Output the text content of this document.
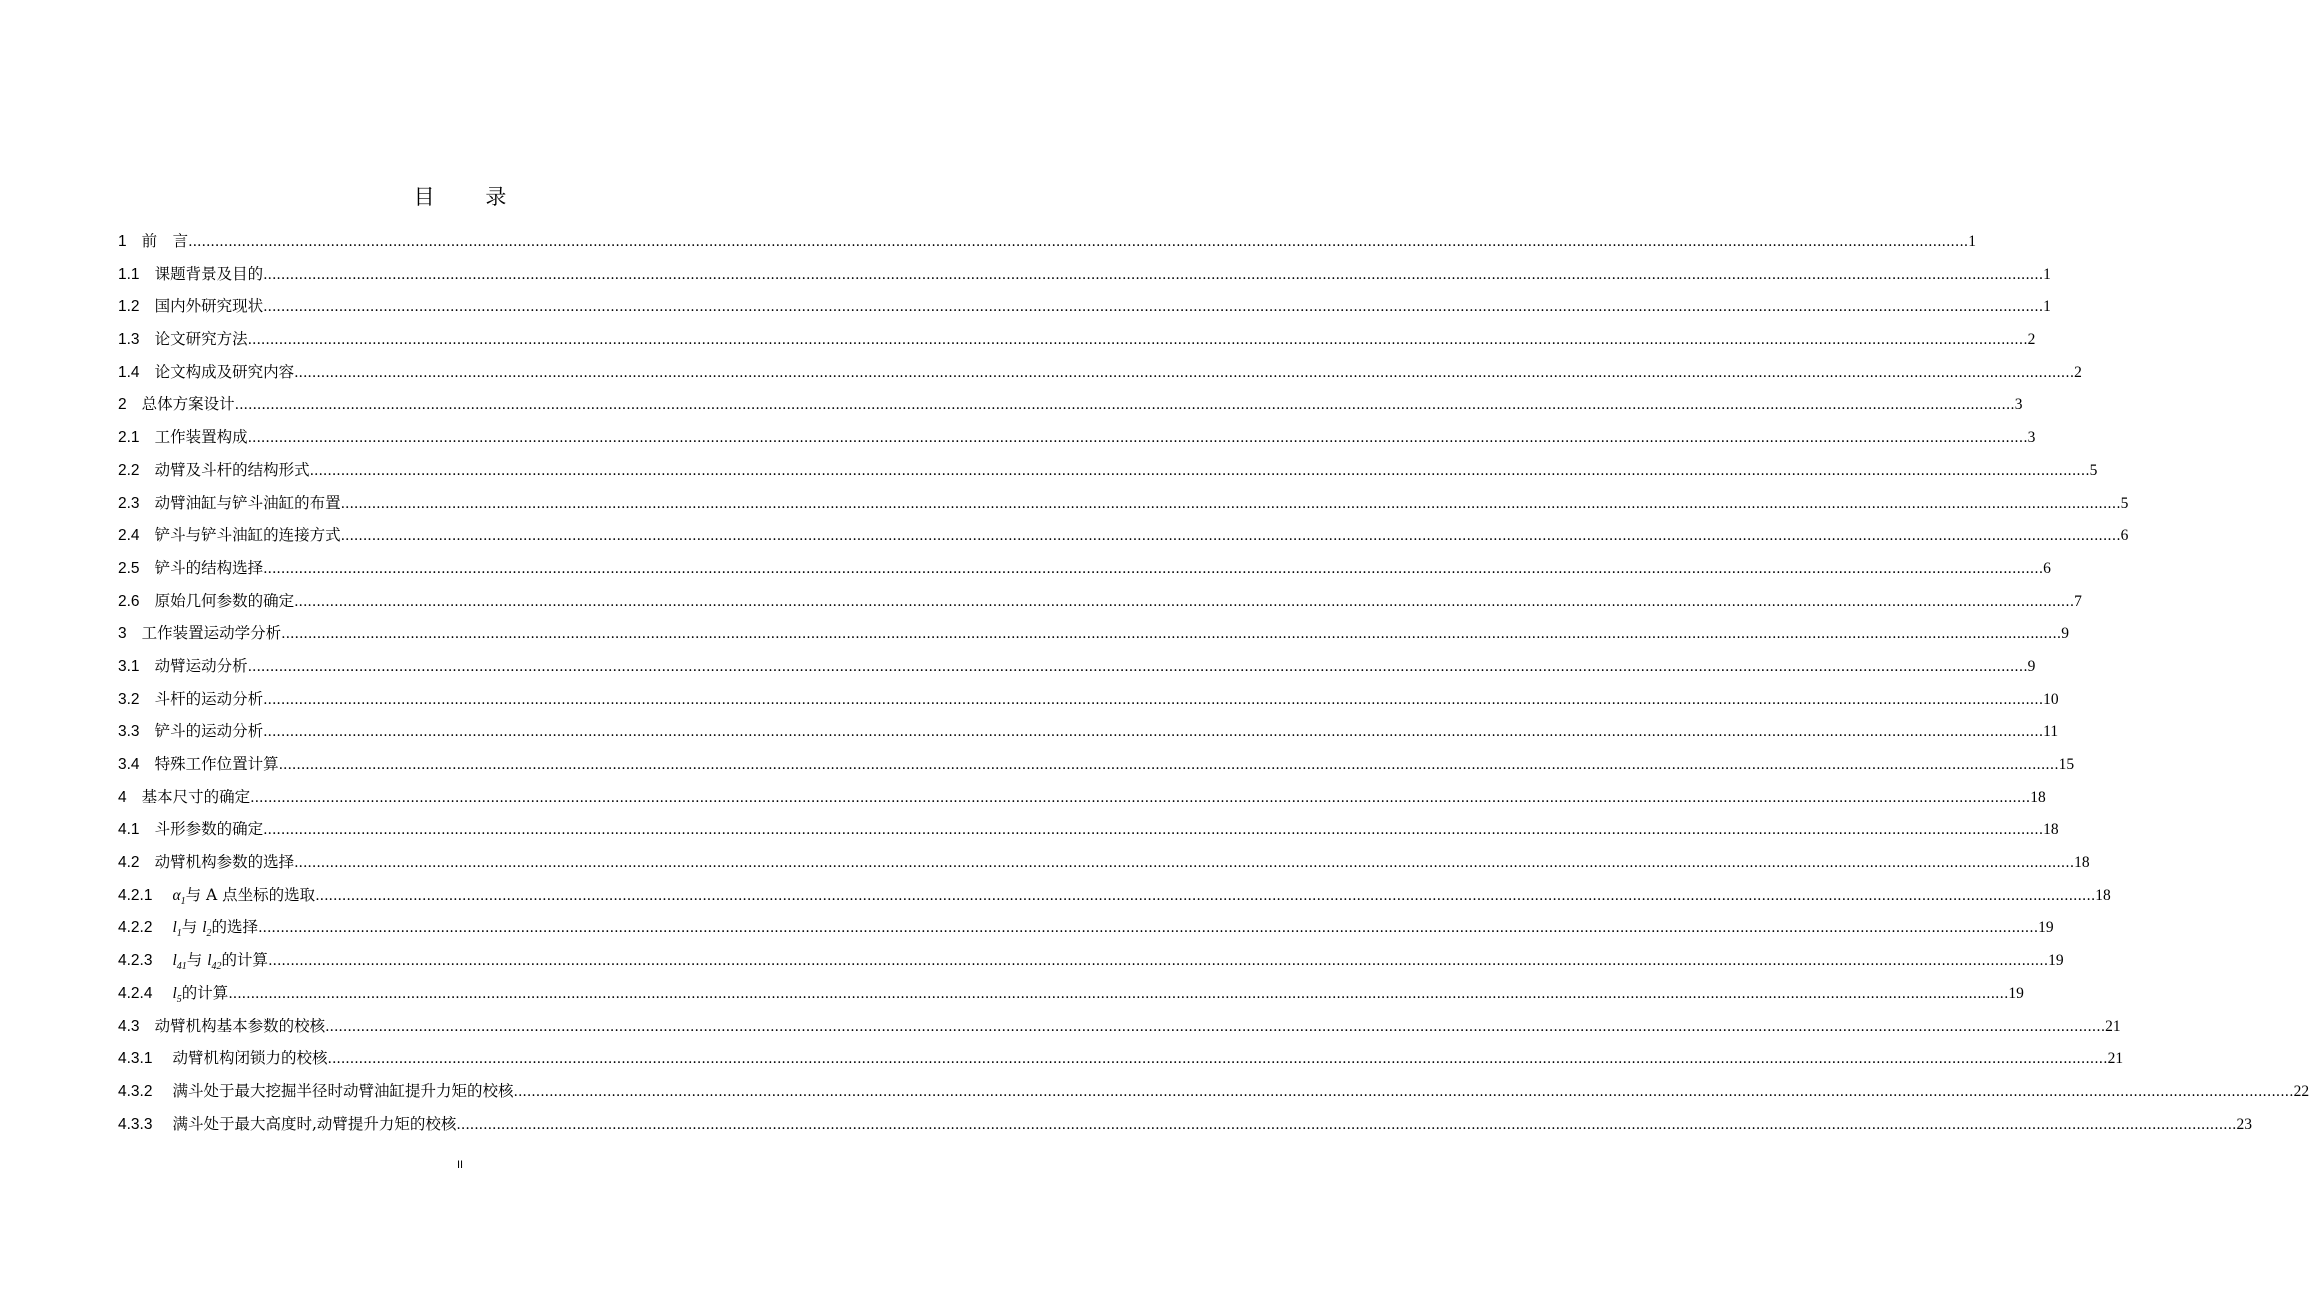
目 录
1 前　言 ................................................................................................................................................................................................................................................................................................................................................................................................................ 1
1.1 课题背景及目的 ................................................................................................................................................................................................................................................................................................................................................................................................................ 1
1.2 国内外研究现状 ................................................................................................................................................................................................................................................................................................................................................................................................................ 1
1.3 论文研究方法 ................................................................................................................................................................................................................................................................................................................................................................................................................ 2
1.4 论文构成及研究内容 ................................................................................................................................................................................................................................................................................................................................................................................................................ 2
2 总体方案设计 ................................................................................................................................................................................................................................................................................................................................................................................................................ 3
2.1 工作装置构成 ................................................................................................................................................................................................................................................................................................................................................................................................................ 3
2.2 动臂及斗杆的结构形式 ................................................................................................................................................................................................................................................................................................................................................................................................................ 5
2.3 动臂油缸与铲斗油缸的布置 ................................................................................................................................................................................................................................................................................................................................................................................................................ 5
2.4 铲斗与铲斗油缸的连接方式 ................................................................................................................................................................................................................................................................................................................................................................................................................ 6
2.5 铲斗的结构选择 ................................................................................................................................................................................................................................................................................................................................................................................................................ 6
2.6 原始几何参数的确定 ................................................................................................................................................................................................................................................................................................................................................................................................................ 7
3 工作装置运动学分析 ................................................................................................................................................................................................................................................................................................................................................................................................................ 9
3.1 动臂运动分析 ................................................................................................................................................................................................................................................................................................................................................................................................................ 9
3.2 斗杆的运动分析 ................................................................................................................................................................................................................................................................................................................................................................................................................ 10
3.3 铲斗的运动分析 ................................................................................................................................................................................................................................................................................................................................................................................................................ 11
3.4 特殊工作位置计算 ................................................................................................................................................................................................................................................................................................................................................................................................................ 15
4 基本尺寸的确定 ................................................................................................................................................................................................................................................................................................................................................................................................................ 18
4.1 斗形参数的确定 ................................................................................................................................................................................................................................................................................................................................................................................................................ 18
4.2 动臂机构参数的选择 ................................................................................................................................................................................................................................................................................................................................................................................................................ 18
4.2.1	$\alpha_1$与 A 点坐标的选取 ................................................................................................................................................................................................................................................................................................................................................................................................................ 18
4.2.2	$l_1$与 $l_2$的选择 ................................................................................................................................................................................................................................................................................................................................................................................................................ 19
4.2.3	$l_{41}$与 $l_{42}$的计算 ................................................................................................................................................................................................................................................................................................................................................................................................................ 19
4.2.4	$l_5$的计算 ................................................................................................................................................................................................................................................................................................................................................................................................................ 19
4.3 动臂机构基本参数的校核 ................................................................................................................................................................................................................................................................................................................................................................................................................ 21
4.3.1	动臂机构闭锁力的校核 ................................................................................................................................................................................................................................................................................................................................................................................................................ 21
4.3.2	满斗处于最大挖掘半径时动臂油缸提升力矩的校核 ................................................................................................................................................................................................................................................................................................................................................................................................................ 22
4.3.3	满斗处于最大高度时,动臂提升力矩的校核 ................................................................................................................................................................................................................................................................................................................................................................................................................ 23
II
